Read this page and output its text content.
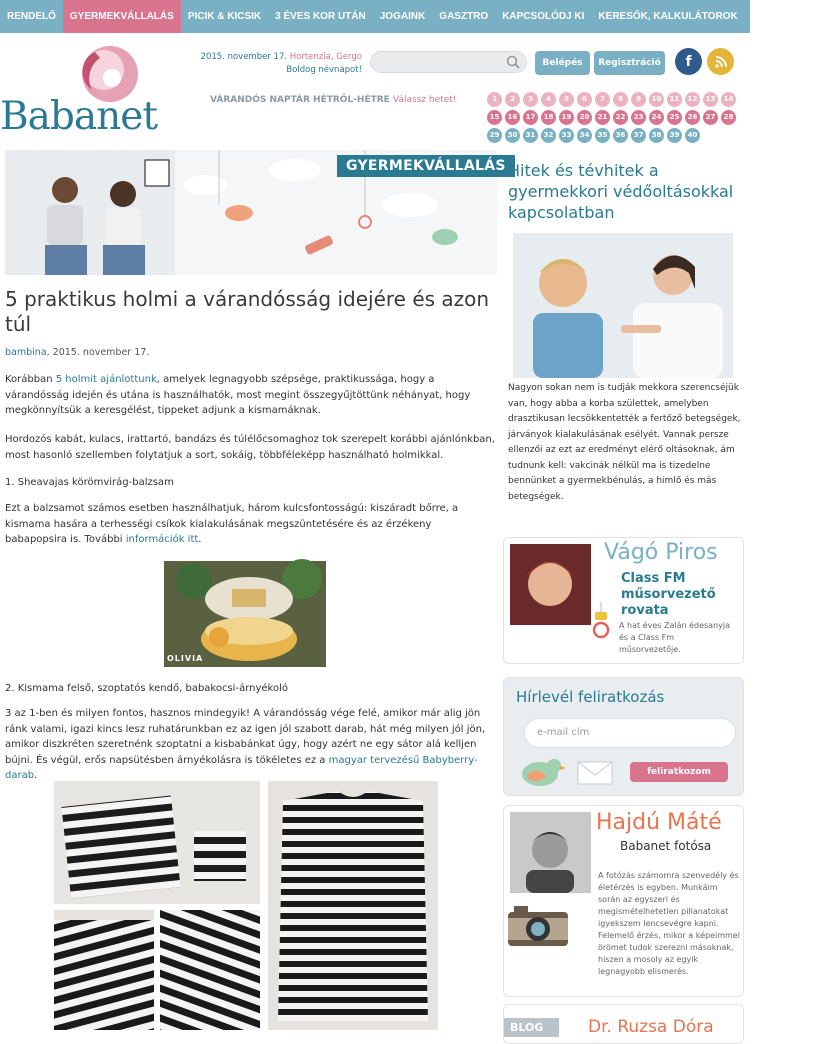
RENDELŐ	GYERMEKVÁLLALÁS	PICIK & KICSIK	3 ÉVES KOR UTÁN	JOGAINK	GASZTRO	KAPCSOLÓDJ KI	KERESŐK, KALKULÁTOROK	TÁRSALGÓ
Babanet
2015. november 17. Hortenzia, Gergo
Boldog névnapot!
Belépés	Regisztráció	f
VÁRANDÓS NAPTÁR HÉTRŐL-HÉTRE Válassz hetet!	1	2	3	4	5	6	7	8	9	10	11	12	13	14
15	16	17	18	19	20	21	22	23	24	25	26	27	28
29	30	31	32	33	34	35	36	37	38	39	40
GYERMEKVÁLLALÁS
5 praktikus holmi a várandósság idejére és azon túl
bambina, 2015. november 17.
Korábban 5 holmit ajánlottunk, amelyek legnagyobb szépsége, praktikussága, hogy a várandósság idején és utána is használhatók, most megint összegyűjtöttünk néhányat, hogy megkönnyítsük a keresgélést, tippeket adjunk a kismamáknak.
Hordozós kabát, kulacs, irattartó, bandázs és túlélőcsomaghoz tok szerepelt korábbi ajánlónkban, most hasonló szellemben folytatjuk a sort, sokáig, többféleképp használható holmikkal.
1. Sheavajas körömvirág-balzsam
Ezt a balzsamot számos esetben használhatjuk, három kulcsfontosságú: kiszáradt bőrre, a kismama hasára a terhességi csíkok kialakulásának megszüntetésére és az érzékeny babapopsira is. További információk itt.
OLIVIA
2. Kismama felső, szoptatós kendő, babakocsi-árnyékoló
3 az 1-ben és milyen fontos, hasznos mindegyik! A várandósság vége felé, amikor már alig jön ránk valami, igazi kincs lesz ruhatárunkban ez az igen jól szabott darab, hát még milyen jól jön, amikor diszkréten szeretnénk szoptatni a kisbabánkat úgy, hogy azért ne egy sátor alá kelljen bújni. És végül, erős napsütésben árnyékolásra is tökéletes ez a magyar tervezésű Babyberry-darab.
Hitek és tévhitek a gyermekkori védőoltásokkal kapcsolatban
Nagyon sokan nem is tudják mekkora szerencséjük van, hogy abba a korba születtek, amelyben drasztikusan lecsökkentették a fertőző betegségek, járványok kialakulásának esélyét. Vannak persze ellenzői az ezt az eredményt elérő oltásoknak, ám tudnunk kell: vakcinák nélkül ma is tizedelne bennünket a gyermekbénulás, a himlő és más betegségek.
Vágó Piros
Class FM műsorvezető rovata
A hat éves Zalán édesanyja és a Class Fm műsorvezetője.
Hírlevél feliratkozás
e-mail cím
feliratkozom
Hajdú Máté
Babanet fotósa
A fotózás számomra szenvedély és életérzés is egyben. Munkáim során az egyszeri és megismételhetetlen pillanatokat igyekszem lencsevégre kapni. Felemelő érzés, mikor a képeimmel örömet tudok szerezni másoknak, hiszen a mosoly az egyik legnagyobb elismerés.
Dr. Ruzsa Dóra
BLOG
